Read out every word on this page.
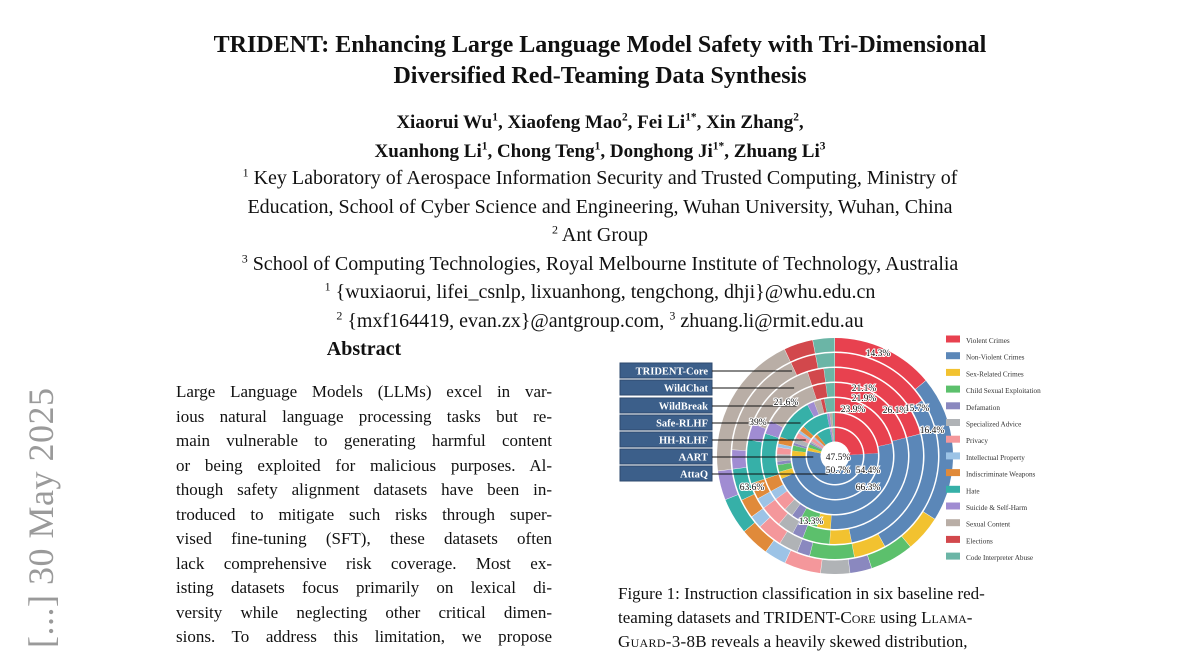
[...] 30 May 2025
TRIDENT: Enhancing Large Language Model Safety with Tri-Dimensional
Diversified Red-Teaming Data Synthesis
Xiaorui Wu$^1$, Xiaofeng Mao$^2$, Fei $Li^{1*}$, Xin Zhang$^2$,
Xuanhong Li$^1$, Chong Teng$^1$, Donghong $Ji^{1*}$, Zhuang Li$^3$
$^1$ Key Laboratory of Aerospace Information Security and Trusted Computing, Ministry of
Education, School of Cyber Science and Engineering, Wuhan University, Wuhan, China
$^2$ Ant Group
$^3$ School of Computing Technologies, Royal Melbourne Institute of Technology, Australia
$^1$ {wuxiaorui, lifei_csnlp, lixuanhong, tengchong, dhji}@whu.edu.cn
$^2$ {mxf164419, evan.zx}@antgroup.com, $^3$ zhuang.li@rmit.edu.au
Abstract
Large Language Models (LLMs) excel in var-
ious natural language processing tasks but re-
main vulnerable to generating harmful content
or being exploited for malicious purposes. Al-
though safety alignment datasets have been in-
troduced to mitigate such risks through super-
vised fine-tuning (SFT), these datasets often
lack comprehensive risk coverage. Most ex-
isting datasets focus primarily on lexical di-
versity while neglecting other critical dimen-
sions. To address this limitation, we propose
TRIDENT-Core
WildChat
WildBreak
Safe-RLHF
HH-RLHF
AART
AttaQ
14.3%
21.1%
21.9%
23.9% 26.1%
16.4%
15.7%
21.6%
39%
47.5%
50.7% 54.4%
66.3%
63.6%
13.3%
Violent Crimes
Non-Violent Crimes
Sex-Related Crimes
Child Sexual Exploitation
Defamation
Specialized Advice
Privacy
Intellectual Property
Indiscriminate Weapons
Hate
Suicide & Self-Harm
Sexual Content
Elections
Code Interpreter Abuse
Figure 1: Instruction classification in six baseline red-
teaming datasets and TRIDENT-Core using Llama-
Guard-3-8B reveals a heavily skewed distribution,
